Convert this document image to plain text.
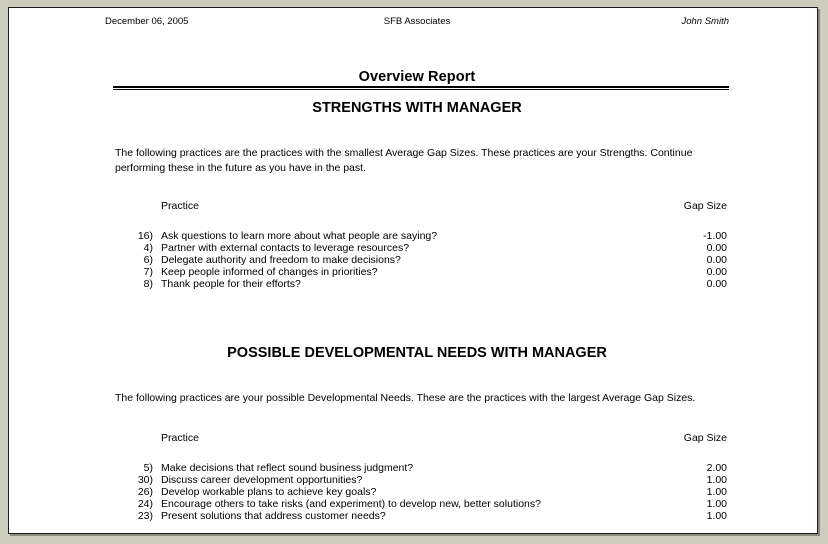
December 06, 2005	SFB Associates	John Smith
Overview Report
STRENGTHS WITH MANAGER
The following practices are the practices with the smallest Average Gap Sizes. These practices are your Strengths. Continue performing these in the future as you have in the past.
Practice	Gap Size
16) Ask questions to learn more about what people are saying?	-1.00
4) Partner with external contacts to leverage resources?	0.00
6) Delegate authority and freedom to make decisions?	0.00
7) Keep people informed of changes in priorities?	0.00
8) Thank people for their efforts?	0.00
POSSIBLE DEVELOPMENTAL NEEDS WITH MANAGER
The following practices are your possible Developmental Needs. These are the practices with the largest Average Gap Sizes.
Practice	Gap Size
5) Make decisions that reflect sound business judgment?	2.00
30) Discuss career development opportunities?	1.00
26) Develop workable plans to achieve key goals?	1.00
24) Encourage others to take risks (and experiment) to develop new, better solutions?	1.00
23) Present solutions that address customer needs?	1.00
